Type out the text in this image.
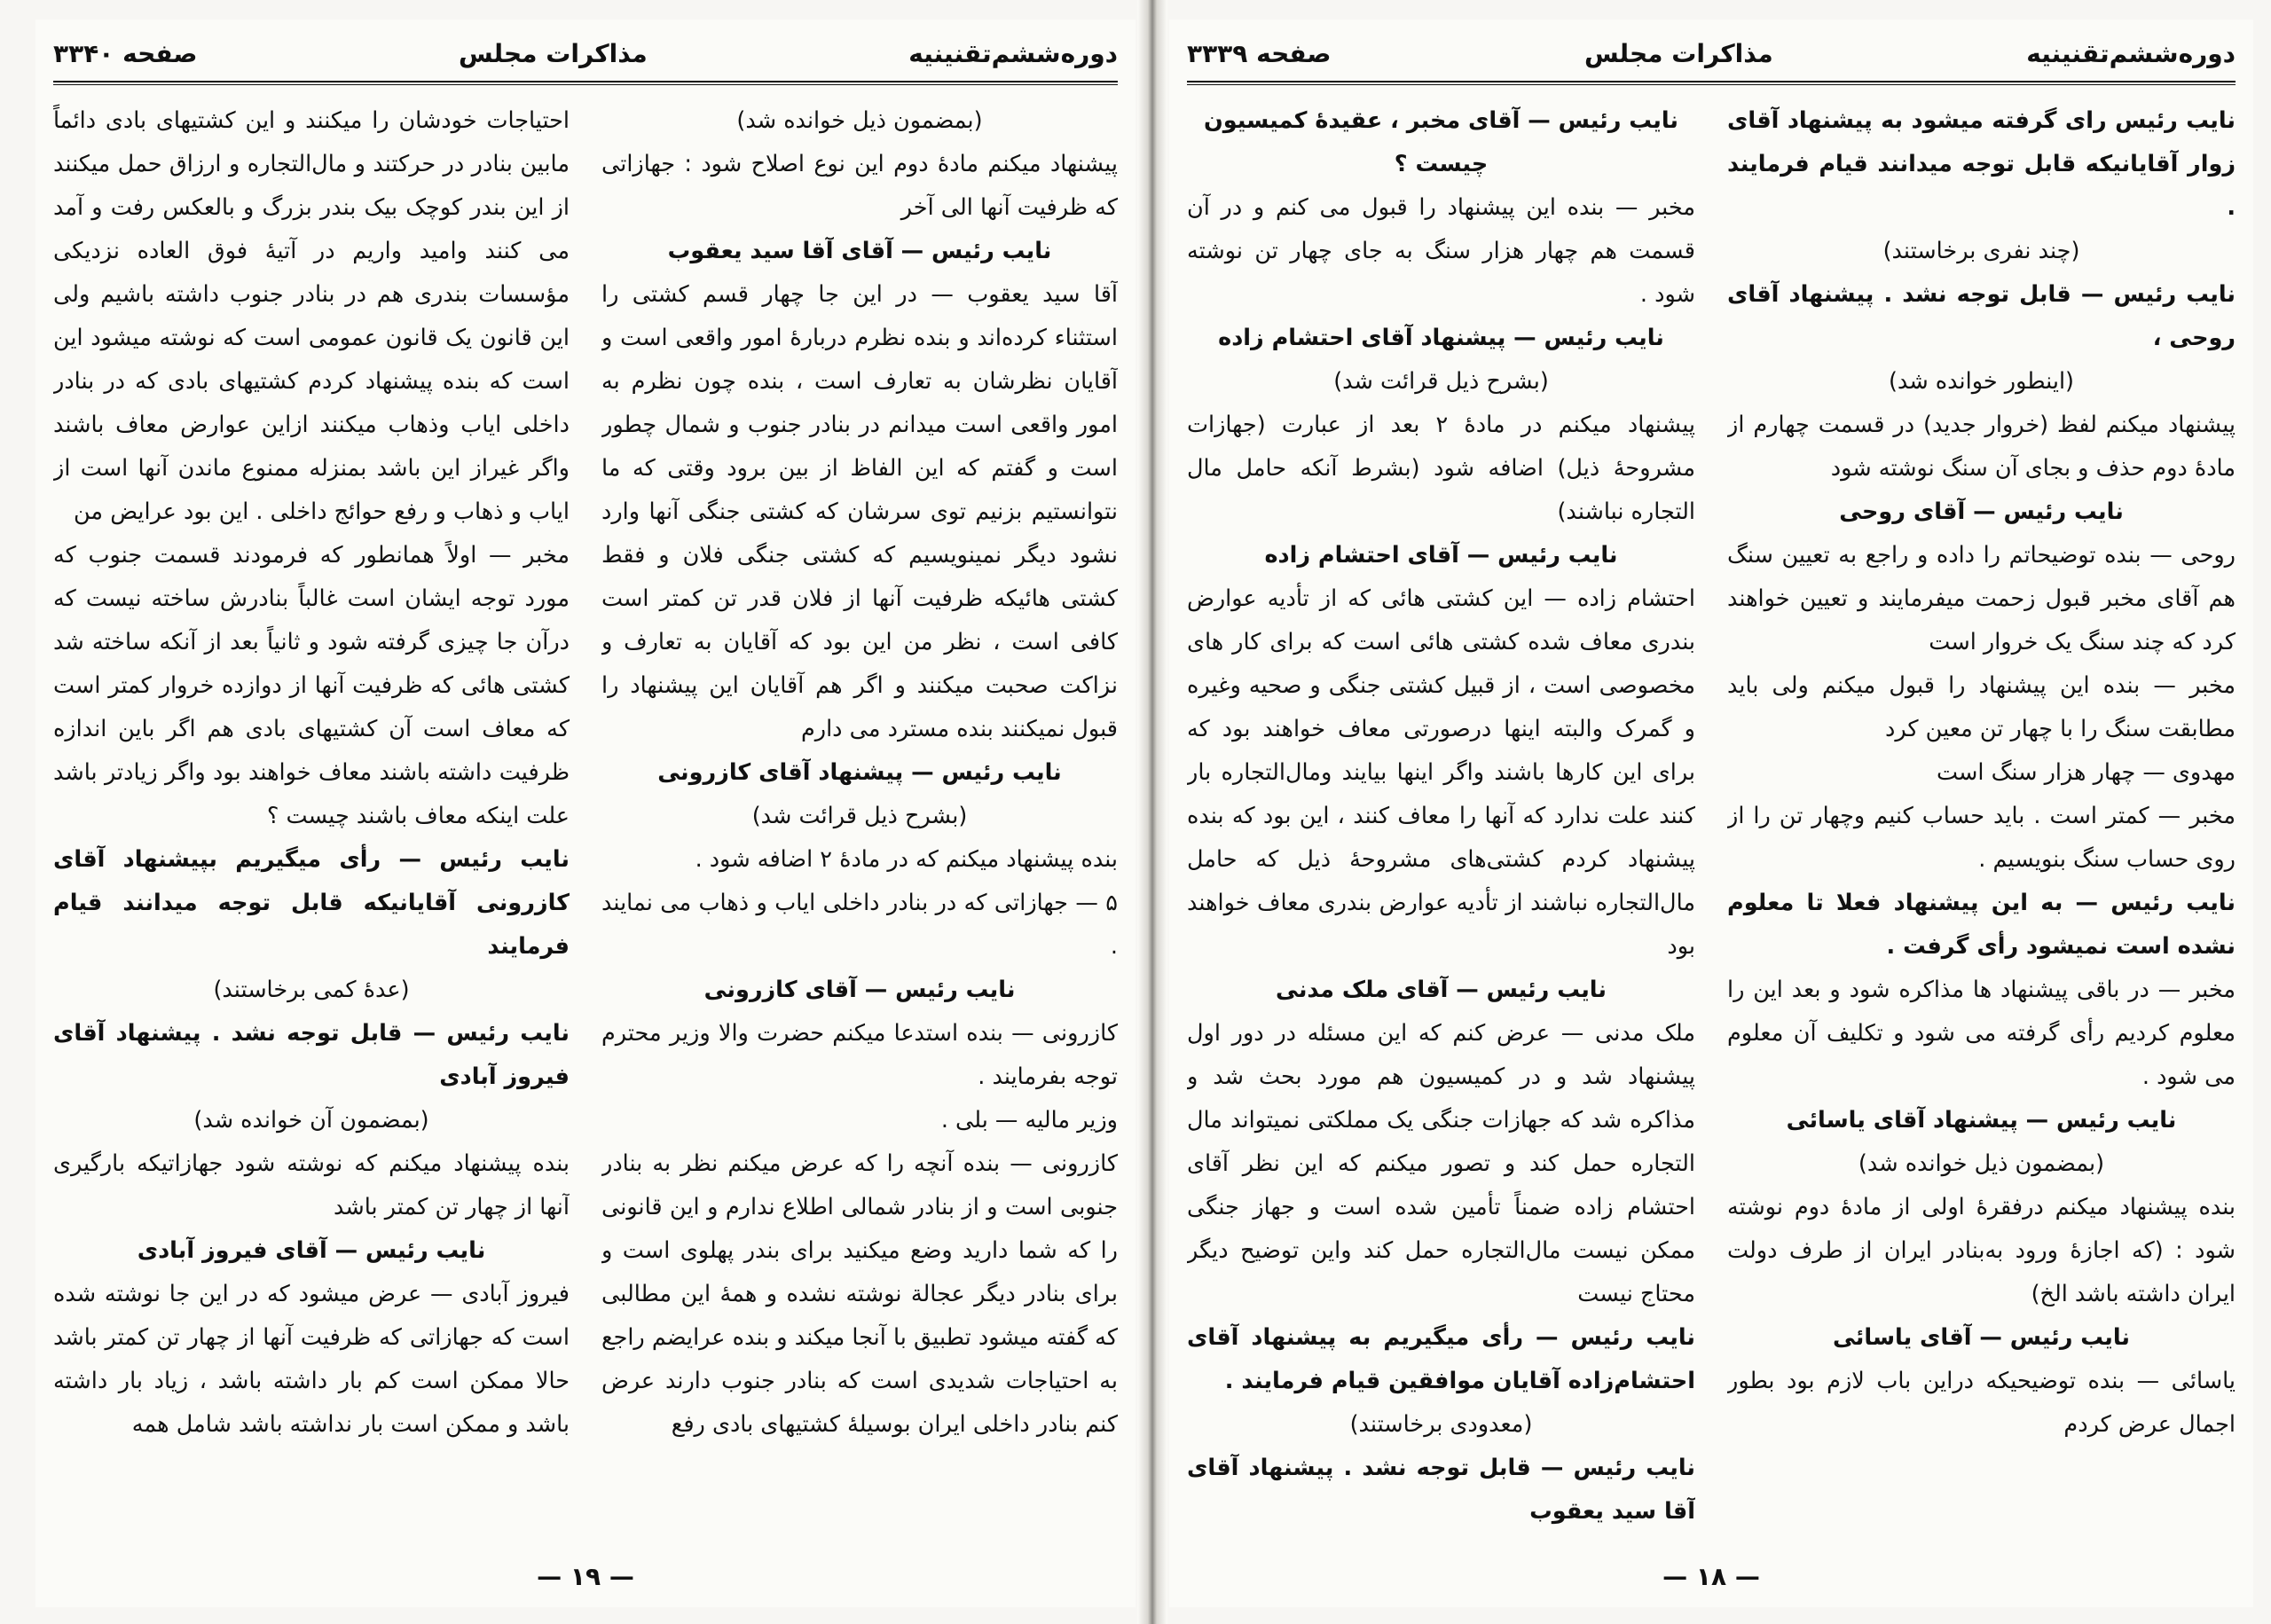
دوره‌ششم‌تقنینیه
مذاکرات مجلس
صفحه ۳۳۴۰

(بمضمون ذیل خوانده شد)

پیشنهاد میکنم مادۀ دوم این نوع اصلاح شود : جهازاتی که ظرفیت آنها الی آخر

نایب رئیس — آقای آقا سید یعقوب

آقا سید یعقوب — در این جا چهار قسم کشتی را استثناء کرده‌اند و بنده نظرم دربارۀ امور واقعی است و آقایان نظرشان به تعارف است ، بنده چون نظرم به امور واقعی است میدانم در بنادر جنوب و شمال چطور است و گفتم که این الفاظ از بین برود وقتی که ما نتوانستیم بزنیم توی سرشان که کشتی جنگی آنها وارد نشود دیگر نمینویسیم که کشتی جنگی فلان و فقط کشتی هائیکه ظرفیت آنها از فلان قدر تن کمتر است کافی است ، نظر من این بود که آقایان به تعارف و نزاکت صحبت میکنند و اگر هم آقایان این پیشنهاد را قبول نمیکنند بنده مسترد می دارم

نایب رئیس — پیشنهاد آقای کازرونی

(بشرح ذیل قرائت شد)

بنده پیشنهاد میکنم که در مادۀ ۲ اضافه شود .

۵ — جهازاتی که در بنادر داخلی ایاب و ذهاب می نمایند .

نایب رئیس — آقای کازرونی

کازرونی — بنده استدعا میکنم حضرت والا وزیر محترم توجه بفرمایند .

وزیر مالیه — بلی .

کازرونی — بنده آنچه را که عرض میکنم نظر به بنادر جنوبی است و از بنادر شمالی اطلاع ندارم و این قانونی را که شما دارید وضع میکنید برای بندر پهلوی است و برای بنادر دیگر عجالة نوشته نشده و همۀ این مطالبی که گفته میشود تطبیق با آنجا میکند و بنده عرایضم راجع به احتیاجات شدیدی است که بنادر جنوب دارند عرض کنم بنادر داخلی ایران بوسیلۀ کشتیهای بادی رفع

احتیاجات خودشان را میکنند و این کشتیهای بادی دائماً مابین بنادر در حرکتند و مال‌التجاره و ارزاق حمل میکنند از این بندر کوچک بیک بندر بزرگ و بالعکس رفت و آمد می کنند وامید واریم در آتیۀ فوق العاده نزدیکی مؤسسات بندری هم در بنادر جنوب داشته باشیم ولی این قانون یک قانون عمومی است که نوشته میشود این است که بنده پیشنهاد کردم کشتیهای بادی که در بنادر داخلی ایاب وذهاب میکنند ازاین عوارض معاف باشند واگر غیراز این باشد بمنزله ممنوع ماندن آنها است از ایاب و ذهاب و رفع حوائج داخلی . این بود عرایض من

مخبر — اولاً همانطور که فرمودند قسمت جنوب که مورد توجه ایشان است غالباً بنادرش ساخته نیست که درآن جا چیزی گرفته شود و ثانیاً بعد از آنکه ساخته شد کشتی هائی که ظرفیت آنها از دوازده خروار کمتر است که معاف است آن کشتیهای بادی هم اگر باین اندازه ظرفیت داشته باشند معاف خواهند بود واگر زیادتر باشد علت اینکه معاف باشند چیست ؟

نایب رئیس — رأی میگیریم بپیشنهاد آقای کازرونی آقایانیکه قابل توجه میدانند قیام فرمایند

(عدۀ کمی برخاستند)

نایب رئیس — قابل توجه نشد . پیشنهاد آقای فیروز آبادی

(بمضمون آن خوانده شد)

بنده پیشنهاد میکنم که نوشته شود جهازاتیکه بارگیری آنها از چهار تن کمتر باشد

نایب رئیس — آقای فیروز آبادی

فیروز آبادی — عرض میشود که در این جا نوشته شده است که جهازاتی که ظرفیت آنها از چهار تن کمتر باشد حالا ممکن است کم بار داشته باشد ، زیاد بار داشته باشد و ممکن است بار نداشته باشد شامل همه

— ۱۹ —
دوره‌ششم‌تقنینیه
مذاکرات مجلس
صفحه ۳۳۳۹

نایب رئیس رای گرفته میشود به پیشنهاد آقای زوار آقایانیکه قابل توجه میدانند قیام فرمایند .

(چند نفری برخاستند)

نایب رئیس — قابل توجه نشد . پیشنهاد آقای روحی ،

(اینطور خوانده شد)

پیشنهاد میکنم لفظ (خروار جدید) در قسمت چهارم از مادۀ دوم حذف و بجای آن سنگ نوشته شود

نایب رئیس — آقای روحی

روحی — بنده توضیحاتم را داده و راجع به تعیین سنگ هم آقای مخبر قبول زحمت میفرمایند و تعیین خواهند کرد که چند سنگ یک خروار است

مخبر — بنده این پیشنهاد را قبول میکنم ولی باید مطابقت سنگ را با چهار تن معین کرد

مهدوی — چهار هزار سنگ است

مخبر — کمتر است . باید حساب کنیم وچهار تن را از روی حساب سنگ بنویسیم .

نایب رئیس — به این پیشنهاد فعلا تا معلوم نشده است نمیشود رأی گرفت .

مخبر — در باقی پیشنهاد ها مذاکره شود و بعد این را معلوم کردیم رأی گرفته می شود و تکلیف آن معلوم می شود .

نایب رئیس — پیشنهاد آقای یاسائی

(بمضمون ذیل خوانده شد)

بنده پیشنهاد میکنم درفقرۀ اولی از مادۀ دوم نوشته شود : (که اجازۀ ورود به‌بنادر ایران از طرف دولت ایران داشته باشد الخ)

نایب رئیس — آقای یاسائی

یاسائی — بنده توضیحیکه دراین باب لازم بود بطور اجمال عرض کردم

نایب رئیس — آقای مخبر ، عقیدۀ کمیسیون چیست ؟

مخبر — بنده این پیشنهاد را قبول می کنم و در آن قسمت هم چهار هزار سنگ به جای چهار تن نوشته شود .

نایب رئیس — پیشنهاد آقای احتشام زاده

(بشرح ذیل قرائت شد)

پیشنهاد میکنم در مادۀ ۲ بعد از عبارت (جهازات مشروحۀ ذیل) اضافه شود (بشرط آنکه حامل مال التجاره نباشند)

نایب رئیس — آقای احتشام زاده

احتشام زاده — این کشتی هائی که از تأدیه عوارض بندری معاف شده کشتی هائی است که برای کار های مخصوصی است ، از قبیل کشتی جنگی و صحیه وغیره و گمرک والبته اینها درصورتی معاف خواهند بود که برای این کارها باشند واگر اینها بیایند ومال‌التجاره بار کنند علت ندارد که آنها را معاف کنند ، این بود که بنده پیشنهاد کردم کشتی‌های مشروحۀ ذیل که حامل مال‌التجاره نباشند از تأدیه عوارض بندری معاف خواهند بود

نایب رئیس — آقای ملک مدنی

ملک مدنی — عرض کنم که این مسئله در دور اول پیشنهاد شد و در کمیسیون هم مورد بحث شد و مذاکره شد که جهازات جنگی یک مملکتی نمیتواند مال التجاره حمل کند و تصور میکنم که این نظر آقای احتشام زاده ضمناً تأمین شده است و جهاز جنگی ممکن نیست مال‌التجاره حمل کند واین توضیح دیگر محتاج نیست

نایب رئیس — رأی میگیریم به پیشنهاد آقای احتشام‌زاده آقایان موافقین قیام فرمایند .

(معدودی برخاستند)

نایب رئیس — قابل توجه نشد . پیشنهاد آقای آقا سید یعقوب

— ۱۸ —
